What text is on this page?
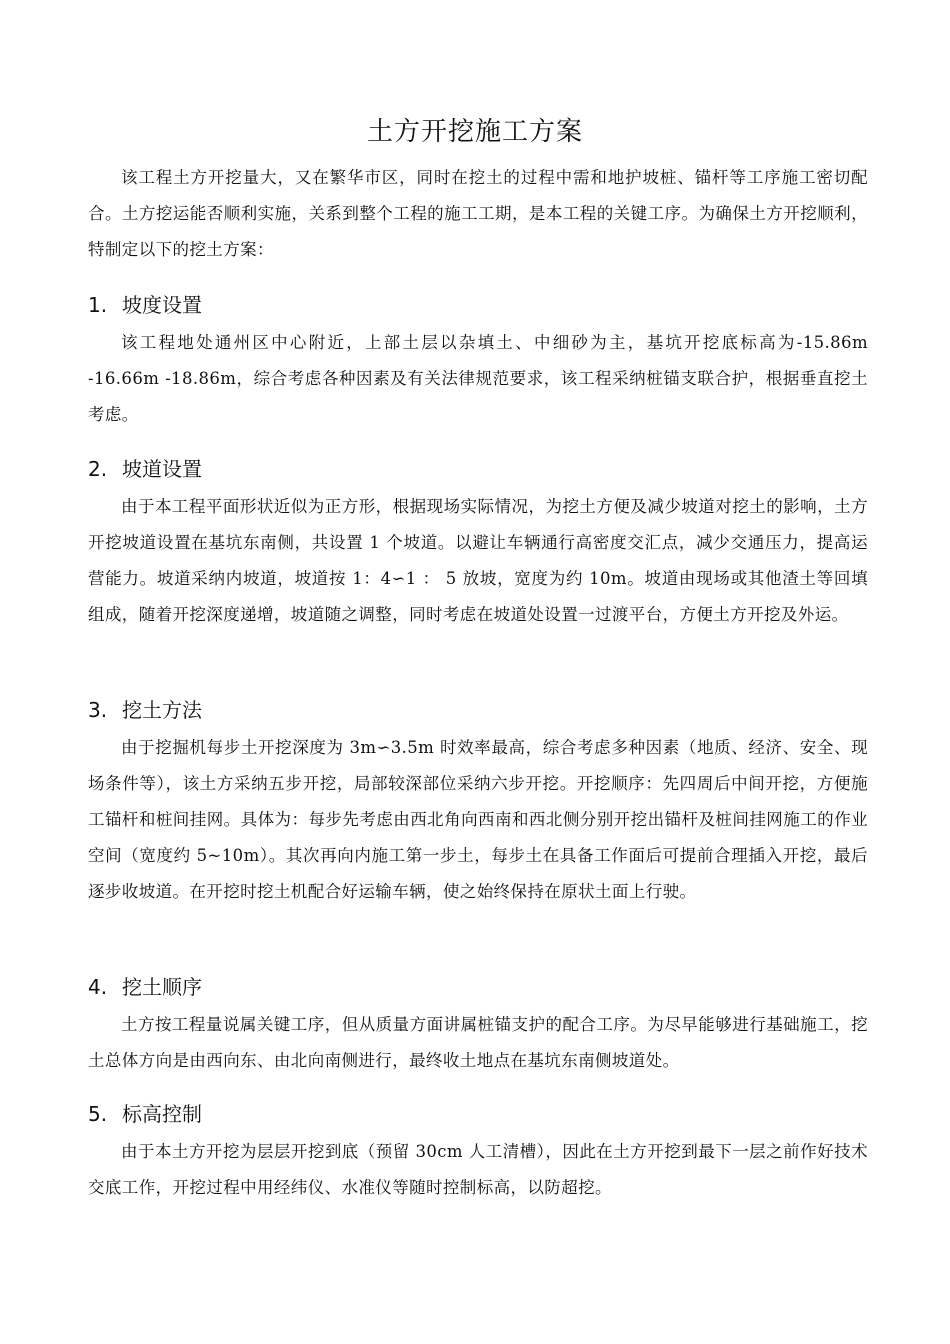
土方开挖施工方案

该工程土方开挖量大，又在繁华市区，同时在挖土的过程中需和地护坡桩、锚杆等工序施工密切配合。土方挖运能否顺利实施，关系到整个工程的施工工期，是本工程的关键工序。为确保土方开挖顺利，特制定以下的挖土方案：

1. 坡度设置

该工程地处通州区中心附近，上部土层以杂填土、中细砂为主，基坑开挖底标高为-15.86m -16.66m -18.86m，综合考虑各种因素及有关法律规范要求，该工程采纳桩锚支联合护，根据垂直挖土考虑。

2. 坡道设置

由于本工程平面形状近似为正方形，根据现场实际情况，为挖土方便及减少坡道对挖土的影响，土方开挖坡道设置在基坑东南侧，共设置 1 个坡道。以避让车辆通行高密度交汇点，减少交通压力，提高运营能力。坡道采纳内坡道，坡道按 1：4∽1 ： 5 放坡，宽度为约 10m。坡道由现场或其他渣土等回填组成，随着开挖深度递增，坡道随之调整，同时考虑在坡道处设置一过渡平台，方便土方开挖及外运。

3. 挖土方法

由于挖掘机每步土开挖深度为 3m∽3.5m 时效率最高，综合考虑多种因素（地质、经济、安全、现场条件等），该土方采纳五步开挖，局部较深部位采纳六步开挖。开挖顺序：先四周后中间开挖，方便施工锚杆和桩间挂网。具体为：每步先考虑由西北角向西南和西北侧分别开挖出锚杆及桩间挂网施工的作业空间（宽度约 5~10m）。其次再向内施工第一步土，每步土在具备工作面后可提前合理插入开挖，最后逐步收坡道。在开挖时挖土机配合好运输车辆，使之始终保持在原状土面上行驶。

4. 挖土顺序

土方按工程量说属关键工序，但从质量方面讲属桩锚支护的配合工序。为尽早能够进行基础施工，挖土总体方向是由西向东、由北向南侧进行，最终收土地点在基坑东南侧坡道处。

5. 标高控制

由于本土方开挖为层层开挖到底（预留 30cm 人工清槽），因此在土方开挖到最下一层之前作好技术交底工作，开挖过程中用经纬仪、水准仪等随时控制标高，以防超挖。
